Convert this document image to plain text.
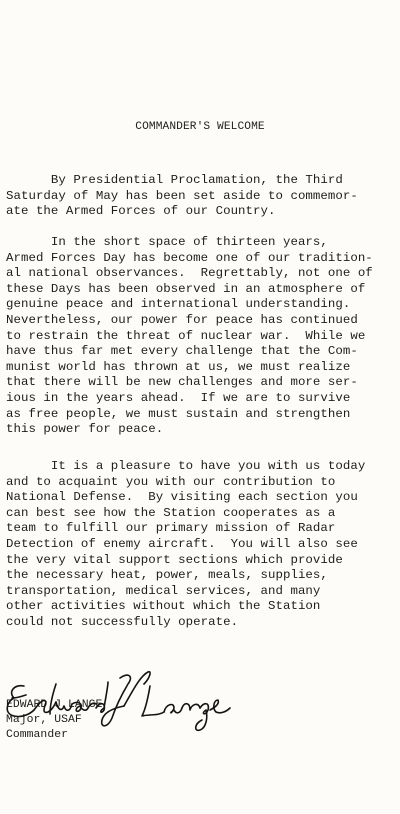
COMMANDER'S WELCOME
By Presidential Proclamation, the Third
Saturday of May has been set aside to commemor-
ate the Armed Forces of our Country.
In the short space of thirteen years,
Armed Forces Day has become one of our tradition-
al national observances.  Regrettably, not one of
these Days has been observed in an atmosphere of
genuine peace and international understanding.
Nevertheless, our power for peace has continued
to restrain the threat of nuclear war.  While we
have thus far met every challenge that the Com-
munist world has thrown at us, we must realize
that there will be new challenges and more ser-
ious in the years ahead.  If we are to survive
as free people, we must sustain and strengthen
this power for peace.
It is a pleasure to have you with us today
and to acquaint you with our contribution to
National Defense.  By visiting each section you
can best see how the Station cooperates as a
team to fulfill our primary mission of Radar
Detection of enemy aircraft.  You will also see
the very vital support sections which provide
the necessary heat, power, meals, supplies,
transportation, medical services, and many
other activities without which the Station
could not successfully operate.
EDWARD J LANGE
Major, USAF
Commander
